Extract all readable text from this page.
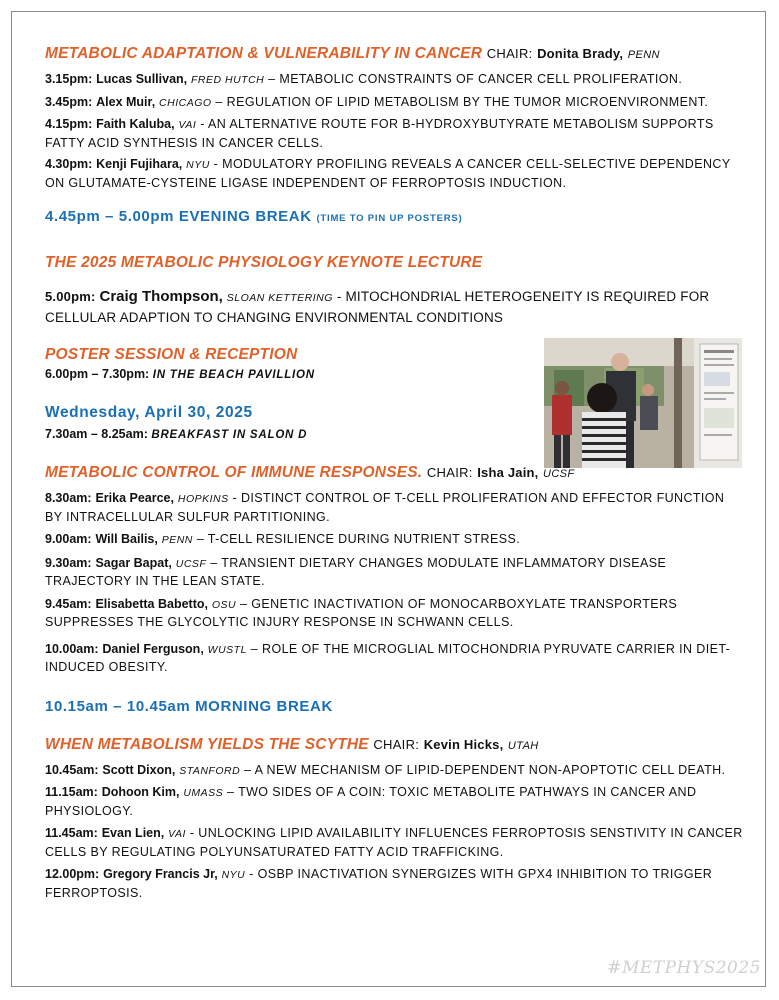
METABOLIC ADAPTATION & VULNERABILITY IN CANCER CHAIR: Donita Brady, PENN

3.15pm: Lucas Sullivan, FRED HUTCH – METABOLIC CONSTRAINTS OF CANCER CELL PROLIFERATION.

3.45pm: Alex Muir, CHICAGO – REGULATION OF LIPID METABOLISM BY THE TUMOR MICROENVIRONMENT.

4.15pm: Faith Kaluba, VAI - AN ALTERNATIVE ROUTE FOR B-HYDROXYBUTYRATE METABOLISM SUPPORTS FATTY ACID SYNTHESIS IN CANCER CELLS.

4.30pm: Kenji Fujihara, NYU - MODULATORY PROFILING REVEALS A CANCER CELL-SELECTIVE DEPENDENCY ON GLUTAMATE-CYSTEINE LIGASE INDEPENDENT OF FERROPTOSIS INDUCTION.

4.45pm – 5.00pm EVENING BREAK (TIME TO PIN UP POSTERS)

THE 2025 METABOLIC PHYSIOLOGY KEYNOTE LECTURE

5.00pm: Craig Thompson, SLOAN KETTERING - MITOCHONDRIAL HETEROGENEITY IS REQUIRED FOR CELLULAR ADAPTION TO CHANGING ENVIRONMENTAL CONDITIONS

POSTER SESSION & RECEPTION

6.00pm – 7.30pm: IN THE BEACH PAVILLION

Wednesday, April 30, 2025

7.30am – 8.25am: BREAKFAST IN SALON D

METABOLIC CONTROL OF IMMUNE RESPONSES. CHAIR: Isha Jain, UCSF

8.30am: Erika Pearce, HOPKINS - DISTINCT CONTROL OF T-CELL PROLIFERATION AND EFFECTOR FUNCTION BY INTRACELLULAR SULFUR PARTITIONING.

9.00am: Will Bailis, PENN – T-CELL RESILIENCE DURING NUTRIENT STRESS.

9.30am: Sagar Bapat, UCSF – TRANSIENT DIETARY CHANGES MODULATE INFLAMMATORY DISEASE TRAJECTORY IN THE LEAN STATE.

9.45am: Elisabetta Babetto, OSU – GENETIC INACTIVATION OF MONOCARBOXYLATE TRANSPORTERS SUPPRESSES THE GLYCOLYTIC INJURY RESPONSE IN SCHWANN CELLS.

10.00am: Daniel Ferguson, WUSTL – ROLE OF THE MICROGLIAL MITOCHONDRIA PYRUVATE CARRIER IN DIET-INDUCED OBESITY.

10.15am – 10.45am MORNING BREAK

WHEN METABOLISM YIELDS THE SCYTHE CHAIR: Kevin Hicks, UTAH

10.45am: Scott Dixon, STANFORD – A NEW MECHANISM OF LIPID-DEPENDENT NON-APOPTOTIC CELL DEATH.

11.15am: Dohoon Kim, UMASS – TWO SIDES OF A COIN: TOXIC METABOLITE PATHWAYS IN CANCER AND PHYSIOLOGY.

11.45am: Evan Lien, VAI - UNLOCKING LIPID AVAILABILITY INFLUENCES FERROPTOSIS SENSTIVITY IN CANCER CELLS BY REGULATING POLYUNSATURATED FATTY ACID TRAFFICKING.

12.00pm: Gregory Francis Jr, NYU - OSBP INACTIVATION SYNERGIZES WITH GPX4 INHIBITION TO TRIGGER FERROPTOSIS.

#METPHYS2025
